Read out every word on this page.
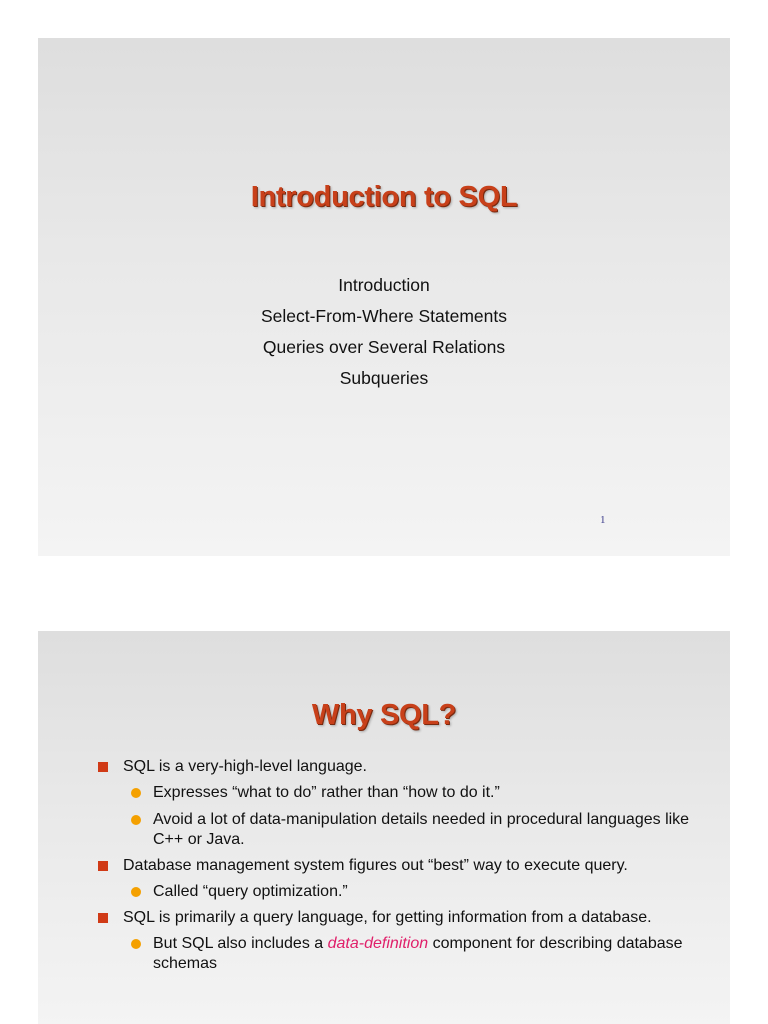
Introduction to SQL
Introduction
Select-From-Where Statements
Queries over Several Relations
Subqueries
1
Why SQL?
SQL is a very-high-level language.
Expresses “what to do” rather than “how to do it.”
Avoid a lot of data-manipulation details needed in procedural languages like C++ or Java.
Database management system figures out “best” way to execute query.
Called “query optimization.”
SQL is primarily a query language, for getting information from a database.
But SQL also includes a data-definition component for describing database schemas
